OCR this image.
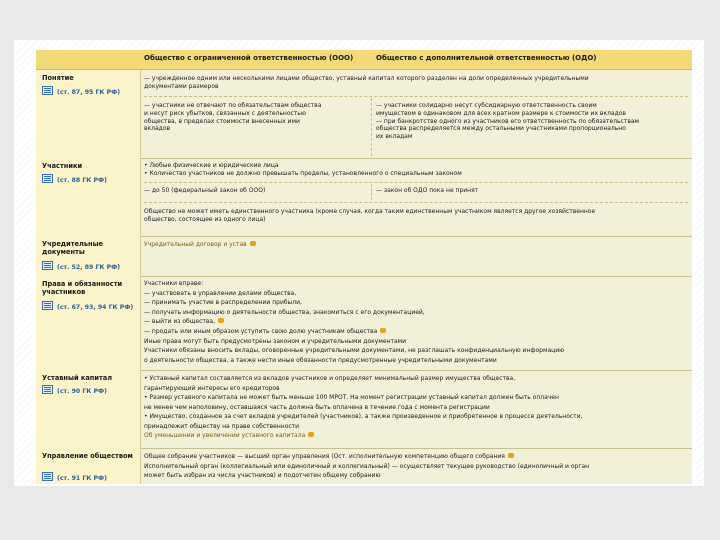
Общество с ограниченной ответственностью (ООО)	Общество с дополнительной ответственностью (ОДО)
Понятие
(ст. 87, 95 ГК РФ)
— учрежденное одним или несколькими лицами общество, уставный капитал которого разделен на доли определенных учредительными
документами размеров
— участники не отвечают по обязательствам общества
и несут риск убытков, связанных с деятельностью
общества, в пределах стоимости внесенных ими
вкладов
— участники солидарно несут субсидиарную ответственность своим
имуществом в одинаковом для всех кратном размере к стоимости их вкладов
— при банкротстве одного из участников его ответственность по обязательствам
общества распределяется между остальными участниками пропорционально
их вкладам
Участники
(ст. 88 ГК РФ)
• Любые физические и юридические лица
• Количество участников не должно превышать пределы, установленного о специальным законом
— до 50 (федеральный закон об ООО)	— закон об ОДО пока не принят
Общество не может иметь единственного участника (кроме случая, когда таким единственным участником является другое хозяйственное
общество, состоящее из одного лица)
Учредительные документы
(ст. 52, 89 ГК РФ)
Учредительный договор и устав
Права и обязанности участников
(ст. 67, 93, 94 ГК РФ)
Участники вправе:
— участвовать в управлении делами общества,
— принимать участие в распределении прибыли,
— получать информацию о деятельности общества, знакомиться с его документацией,
— выйти из общества,
— продать или иным образом уступить свою долю участникам общества
Иные права могут быть предусмотрены законом и учредительными документами
Участники обязаны вносить вклады, оговоренные учредительными документами, не разглашать конфиденциальную информацию
о деятельности общества, а также нести иные обязанности предусмотренные учредительными документами
Уставный капитал
(ст. 90 ГК РФ)
• Уставный капитал составляется из вкладов участников и определяет минимальный размер имущества общества,
гарантирующий интересы его кредиторов
• Размер уставного капитала не может быть меньше 100 МРОТ. На момент регистрации уставный капитал должен быть оплачен
не менее чем наполовину, оставшаяся часть должна быть оплачена в течение года с момента регистрации
• Имущество, созданное за счет вкладов учредителей (участников), а также произведенное и приобретенное в процессе деятельности,
принадлежит обществу на праве собственности
Об уменьшении и увеличении уставного капитала
Управление обществом
(ст. 91 ГК РФ)
Общее собрание участников — высший орган управления (Ост. исполнительную компетенцию общего собрания
Исполнительный орган (коллегиальный или единоличный и коллегиальный) — осуществляет текущее руководство (единоличный и орган
может быть избран из числа участников) и подотчетен общему собранию
